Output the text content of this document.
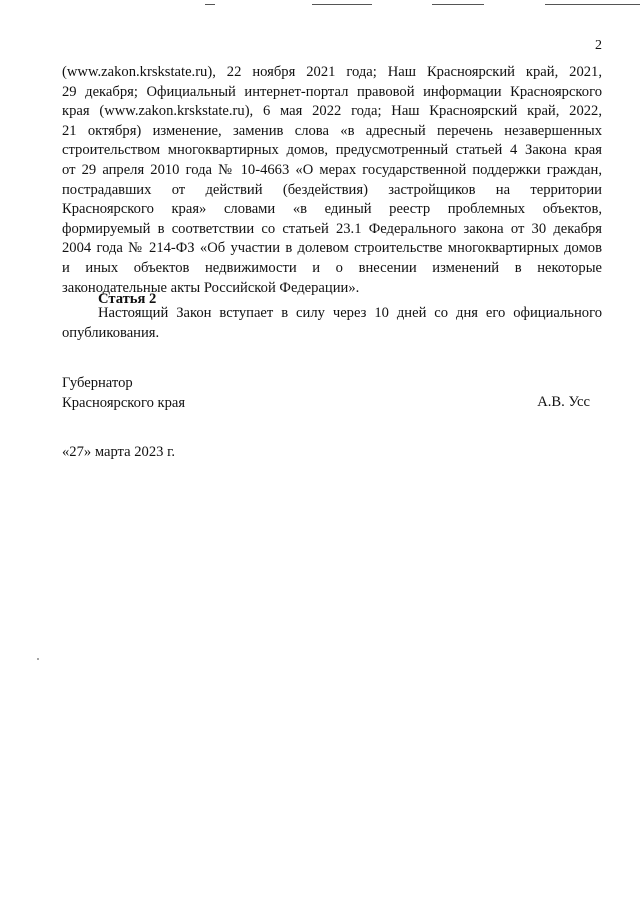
2
(www.zakon.krskstate.ru), 22 ноября 2021 года; Наш Красноярский край, 2021,
29 декабря; Официальный интернет-портал правовой информации Красноярского
края (www.zakon.krskstate.ru), 6 мая 2022 года; Наш Красноярский край, 2022,
21 октября) изменение, заменив слова «в адресный перечень незавершенных
строительством многоквартирных домов, предусмотренный статьей 4 Закона края
от 29 апреля 2010 года № 10-4663 «О мерах государственной поддержки граждан,
пострадавших от действий (бездействия) застройщиков на территории
Красноярского края» словами «в единый реестр проблемных объектов,
формируемый в соответствии со статьей 23.1 Федерального закона от 30 декабря
2004 года № 214-ФЗ «Об участии в долевом строительстве многоквартирных домов
и иных объектов недвижимости и о внесении изменений в некоторые
законодательные акты Российской Федерации».
Статья 2
Настоящий Закон вступает в силу через 10 дней со дня его официального
опубликования.
Губернатор
Красноярского края	А.В. Усс
«27» марта 2023 г.
